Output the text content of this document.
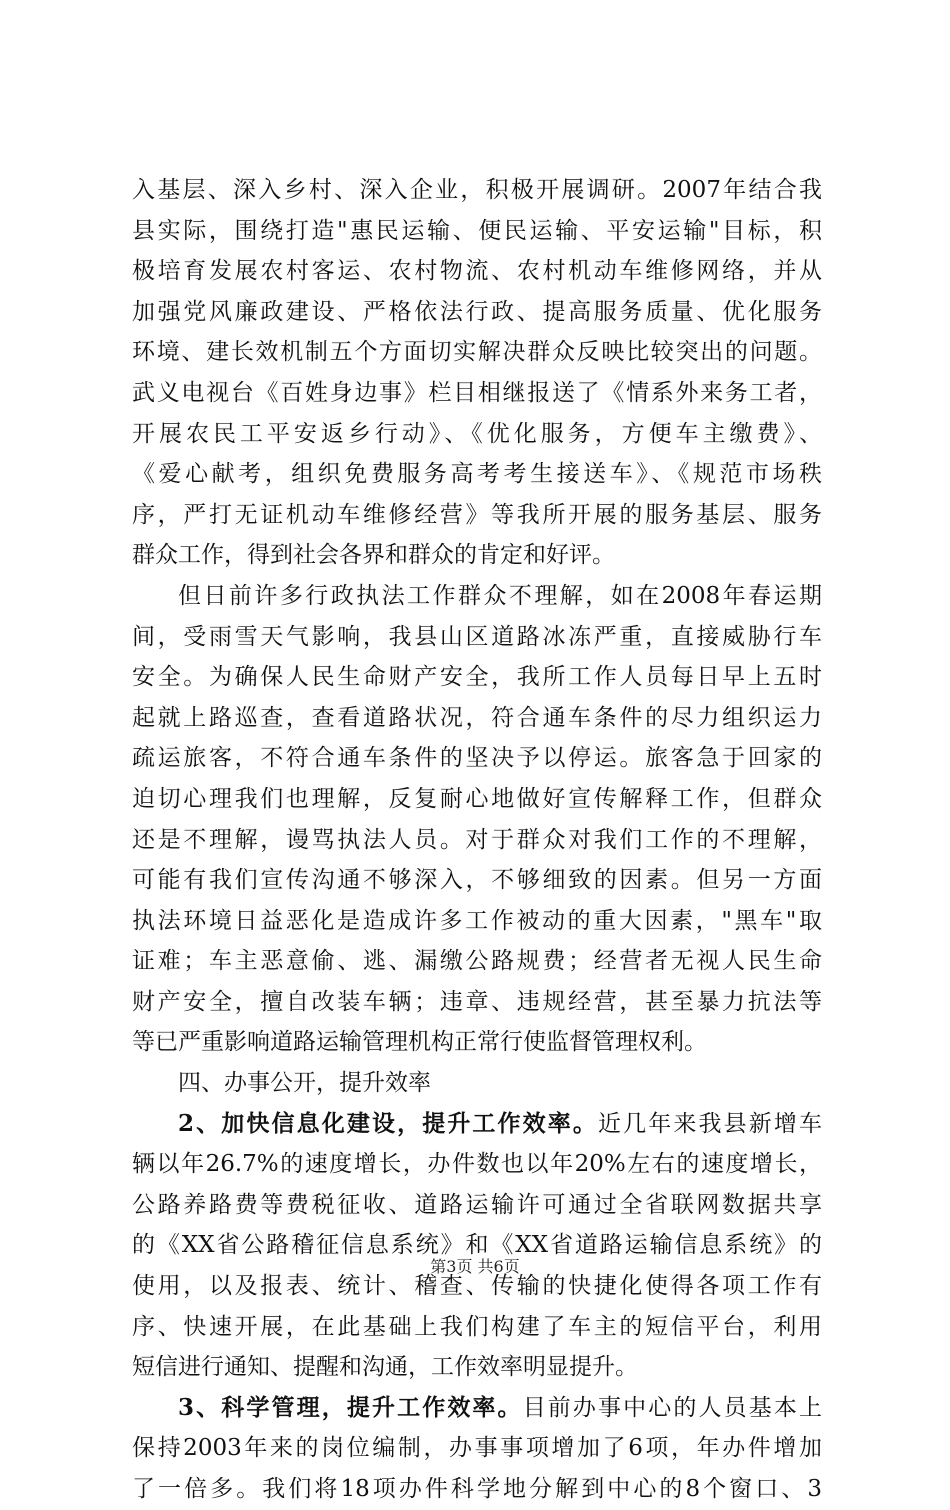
入基层、深入乡村、深入企业，积极开展调研。2007年结合我
县实际，围绕打造"惠民运输、便民运输、平安运输"目标，积
极培育发展农村客运、农村物流、农村机动车维修网络，并从
加强党风廉政建设、严格依法行政、提高服务质量、优化服务
环境、建长效机制五个方面切实解决群众反映比较突出的问题。
武义电视台《百姓身边事》栏目相继报送了《情系外来务工者，
开展农民工平安返乡行动》、《优化服务，方便车主缴费》、
《爱心献考，组织免费服务高考考生接送车》、《规范市场秩
序，严打无证机动车维修经营》等我所开展的服务基层、服务
群众工作，得到社会各界和群众的肯定和好评。
但日前许多行政执法工作群众不理解，如在2008年春运期
间，受雨雪天气影响，我县山区道路冰冻严重，直接威胁行车
安全。为确保人民生命财产安全，我所工作人员每日早上五时
起就上路巡查，查看道路状况，符合通车条件的尽力组织运力
疏运旅客，不符合通车条件的坚决予以停运。旅客急于回家的
迫切心理我们也理解，反复耐心地做好宣传解释工作，但群众
还是不理解，谩骂执法人员。对于群众对我们工作的不理解，
可能有我们宣传沟通不够深入，不够细致的因素。但另一方面
执法环境日益恶化是造成许多工作被动的重大因素，"黑车"取
证难；车主恶意偷、逃、漏缴公路规费；经营者无视人民生命
财产安全，擅自改装车辆；违章、违规经营，甚至暴力抗法等
等已严重影响道路运输管理机构正常行使监督管理权利。
四、办事公开，提升效率
2、加快信息化建设，提升工作效率。近几年来我县新增车
辆以年26.7%的速度增长，办件数也以年20%左右的速度增长，
公路养路费等费税征收、道路运输许可通过全省联网数据共享
的《XX省公路稽征信息系统》和《XX省道路运输信息系统》的
使用，以及报表、统计、稽查、传输的快捷化使得各项工作有
序、快速开展，在此基础上我们构建了车主的短信平台，利用
短信进行通知、提醒和沟通，工作效率明显提升。
3、科学管理，提升工作效率。目前办事中心的人员基本上
保持2003年来的岗位编制，办事事项增加了6项，年办件增加
了一倍多。我们将18项办件科学地分解到中心的8个窗口、3
第3页 共6页
